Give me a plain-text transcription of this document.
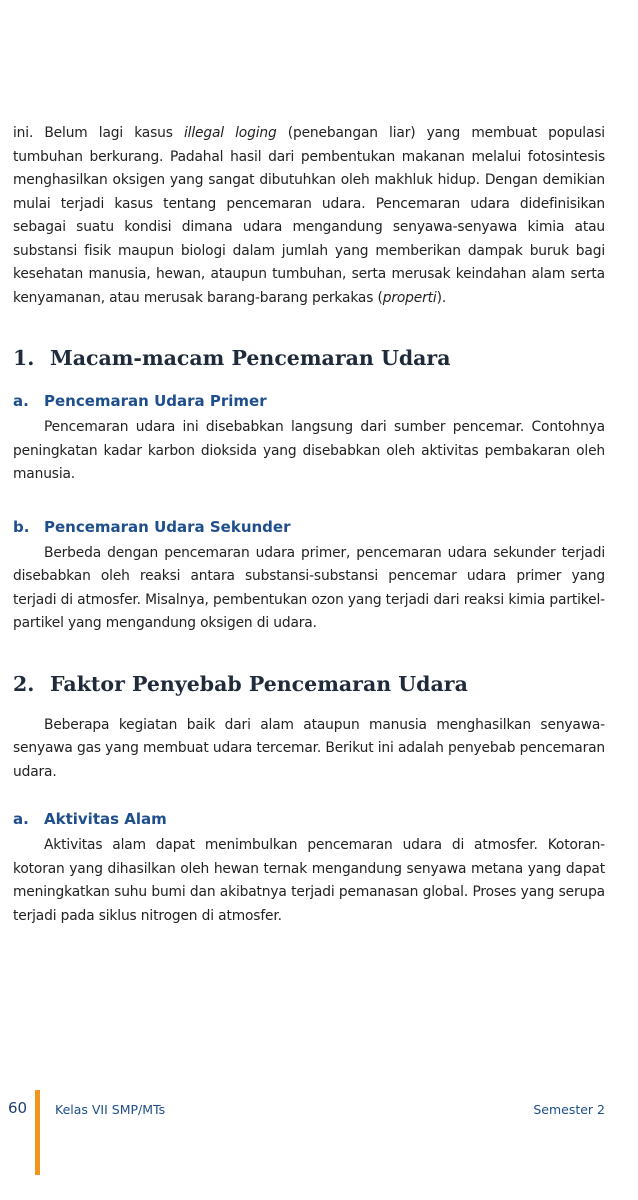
ini. Belum lagi kasus illegal loging (penebangan liar) yang membuat populasi tumbuhan berkurang. Padahal hasil dari pembentukan makanan melalui fotosintesis menghasilkan oksigen yang sangat dibutuhkan oleh makhluk hidup. Dengan demikian mulai terjadi kasus tentang pencemaran udara. Pencemaran udara didefinisikan sebagai suatu kondisi dimana udara mengandung senyawa-senyawa kimia atau substansi fisik maupun biologi dalam jumlah yang memberikan dampak buruk bagi kesehatan manusia, hewan, ataupun tumbuhan, serta merusak keindahan alam serta kenyamanan, atau merusak barang-barang perkakas (properti).

1. Macam-macam Pencemaran Udara
a.	Pencemaran Udara Primer

Pencemaran udara ini disebabkan langsung dari sumber pencemar. Contohnya peningkatan kadar karbon dioksida yang disebabkan oleh aktivitas pembakaran oleh manusia.

b. Pencemaran Udara Sekunder

Berbeda dengan pencemaran udara primer, pencemaran udara sekunder terjadi disebabkan oleh reaksi antara substansi-substansi pencemar udara primer yang terjadi di atmosfer. Misalnya, pembentukan ozon yang terjadi dari reaksi kimia partikel-partikel yang mengandung oksigen di udara.

2. Faktor Penyebab Pencemaran Udara

Beberapa kegiatan baik dari alam ataupun manusia menghasilkan senyawa-senyawa gas yang membuat udara tercemar. Berikut ini adalah penyebab pencemaran udara.

a.	Aktivitas Alam

Aktivitas alam dapat menimbulkan pencemaran udara di atmosfer. Kotoran-kotoran yang dihasilkan oleh hewan ternak mengandung senyawa metana yang dapat meningkatkan suhu bumi dan akibatnya terjadi pemanasan global. Proses yang serupa terjadi pada siklus nitrogen di atmosfer.

60 Kelas VII SMP/MTs	Semester 2
